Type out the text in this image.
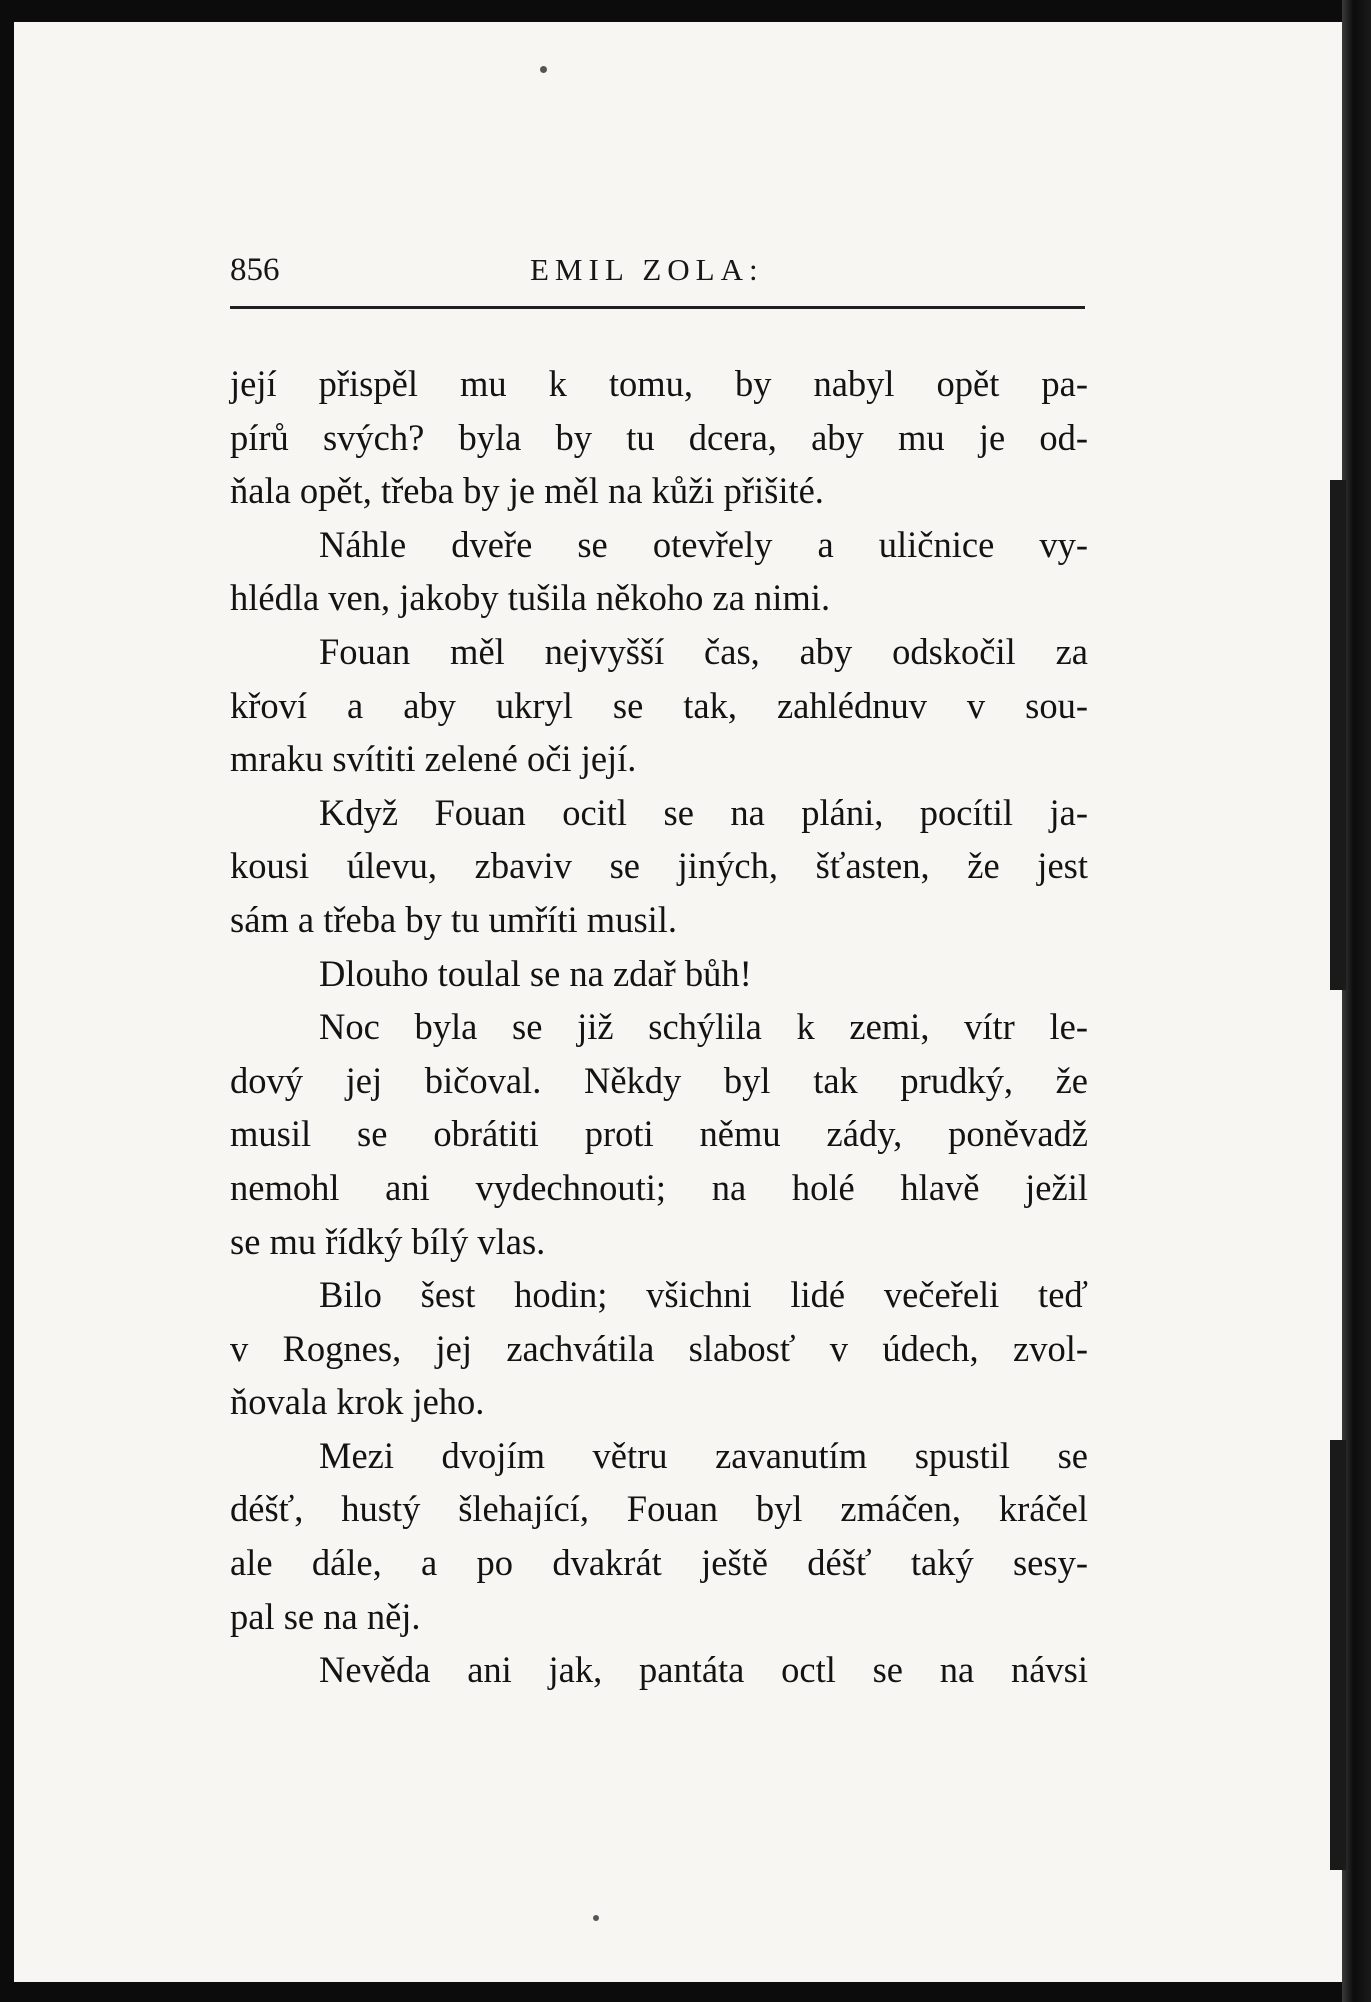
856	EMIL ZOLA:
její přispěl mu k tomu, by nabyl opět pa-
pírů svých? byla by tu dcera, aby mu je od-
ňala opět, třeba by je měl na kůži přišité.
Náhle dveře se otevřely a uličnice vy-
hlédla ven, jakoby tušila někoho za nimi.
Fouan měl nejvyšší čas, aby odskočil za
křoví a aby ukryl se tak, zahlédnuv v sou-
mraku svítiti zelené oči její.
Když Fouan ocitl se na pláni, pocítil ja-
kousi úlevu, zbaviv se jiných, šťasten, že jest
sám a třeba by tu umříti musil.
Dlouho toulal se na zdař bůh!
Noc byla se již schýlila k zemi, vítr le-
dový jej bičoval. Někdy byl tak prudký, že
musil se obrátiti proti němu zády, poněvadž
nemohl ani vydechnouti; na holé hlavě ježil
se mu řídký bílý vlas.
Bilo šest hodin; všichni lidé večeřeli teď
v Rognes, jej zachvátila slabosť v údech, zvol-
ňovala krok jeho.
Mezi dvojím větru zavanutím spustil se
déšť, hustý šlehající, Fouan byl zmáčen, kráčel
ale dále, a po dvakrát ještě déšť taký sesy-
pal se na něj.
Nevěda ani jak, pantáta octl se na návsi
